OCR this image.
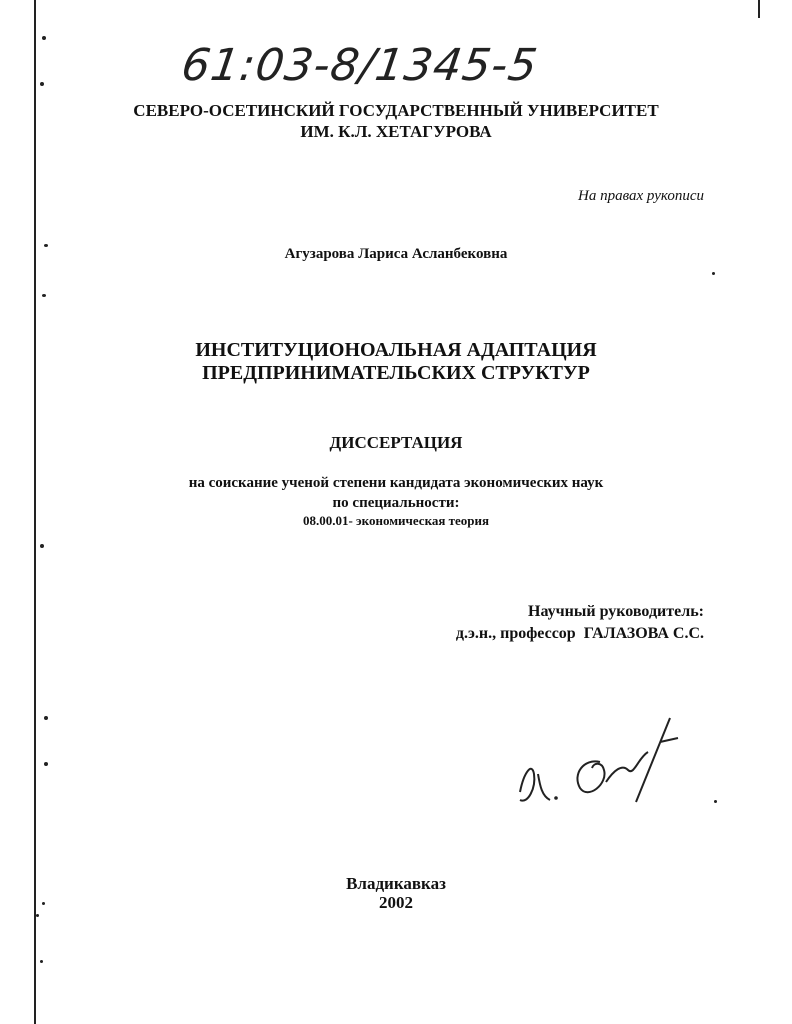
61:03-8/1345-5
СЕВЕРО-ОСЕТИНСКИЙ ГОСУДАРСТВЕННЫЙ УНИВЕРСИТЕТ
ИМ. К.Л. ХЕТАГУРОВА
На правах рукописи
Агузарова Лариса Асланбековна
ИНСТИТУЦИОНОАЛЬНАЯ АДАПТАЦИЯ
ПРЕДПРИНИМАТЕЛЬСКИХ СТРУКТУР
ДИССЕРТАЦИЯ
на соискание ученой степени кандидата экономических наук
по специальности:
08.00.01- экономическая теория
Научный руководитель:
д.э.н., профессор  ГАЛАЗОВА С.С.
Владикавказ
2002
